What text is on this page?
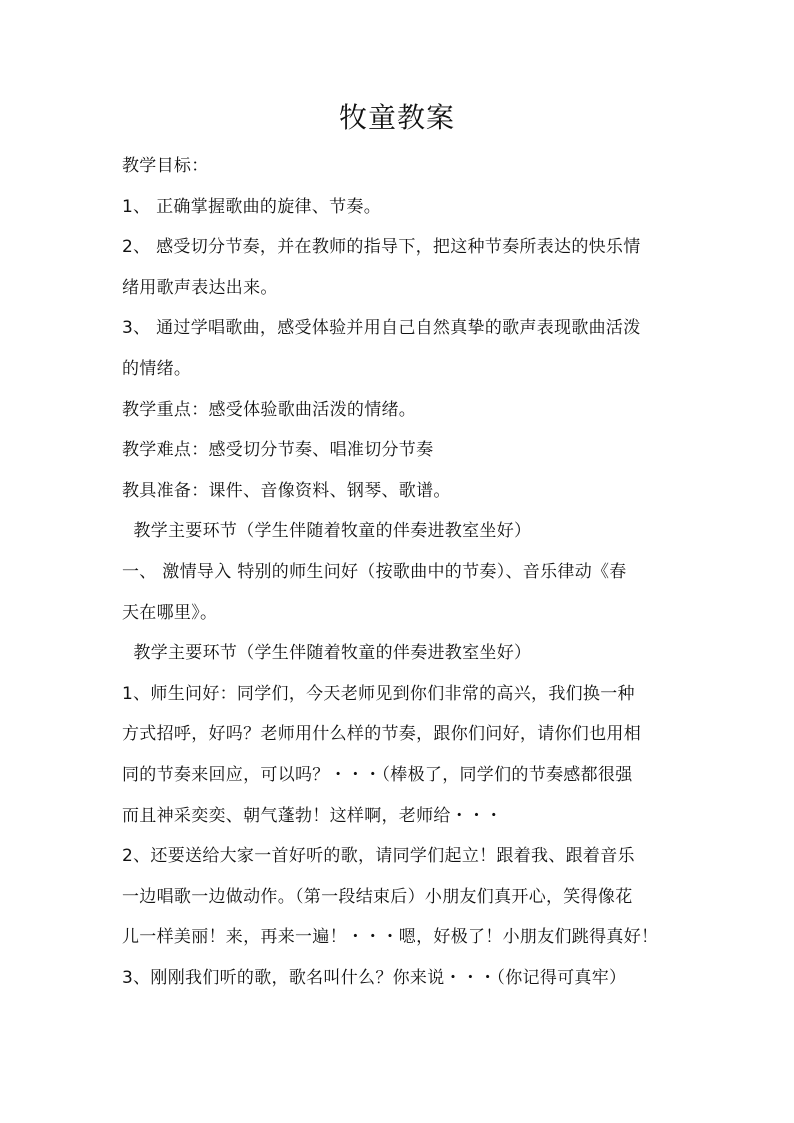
牧童教案
教学目标：
1、 正确掌握歌曲的旋律、节奏。
2、 感受切分节奏，并在教师的指导下，把这种节奏所表达的快乐情
绪用歌声表达出来。
3、 通过学唱歌曲，感受体验并用自己自然真挚的歌声表现歌曲活泼
的情绪。
教学重点：感受体验歌曲活泼的情绪。
教学难点：感受切分节奏、唱准切分节奏
教具准备：课件、音像资料、钢琴、歌谱。
教学主要环节（学生伴随着牧童的伴奏进教室坐好）
一、 激情导入 特别的师生问好（按歌曲中的节奏）、音乐律动《春
天在哪里》。
教学主要环节（学生伴随着牧童的伴奏进教室坐好）
1、师生问好：同学们，今天老师见到你们非常的高兴，我们换一种
方式招呼，好吗？老师用什么样的节奏，跟你们问好，请你们也用相
同的节奏来回应，可以吗？・・・（棒极了，同学们的节奏感都很强
而且神采奕奕、朝气蓬勃！这样啊，老师给・・・
2、还要送给大家一首好听的歌，请同学们起立！跟着我、跟着音乐
一边唱歌一边做动作。（第一段结束后）小朋友们真开心，笑得像花
儿一样美丽！来，再来一遍！・・・嗯，好极了！小朋友们跳得真好！
3、刚刚我们听的歌，歌名叫什么？你来说・・・（你记得可真牢）
